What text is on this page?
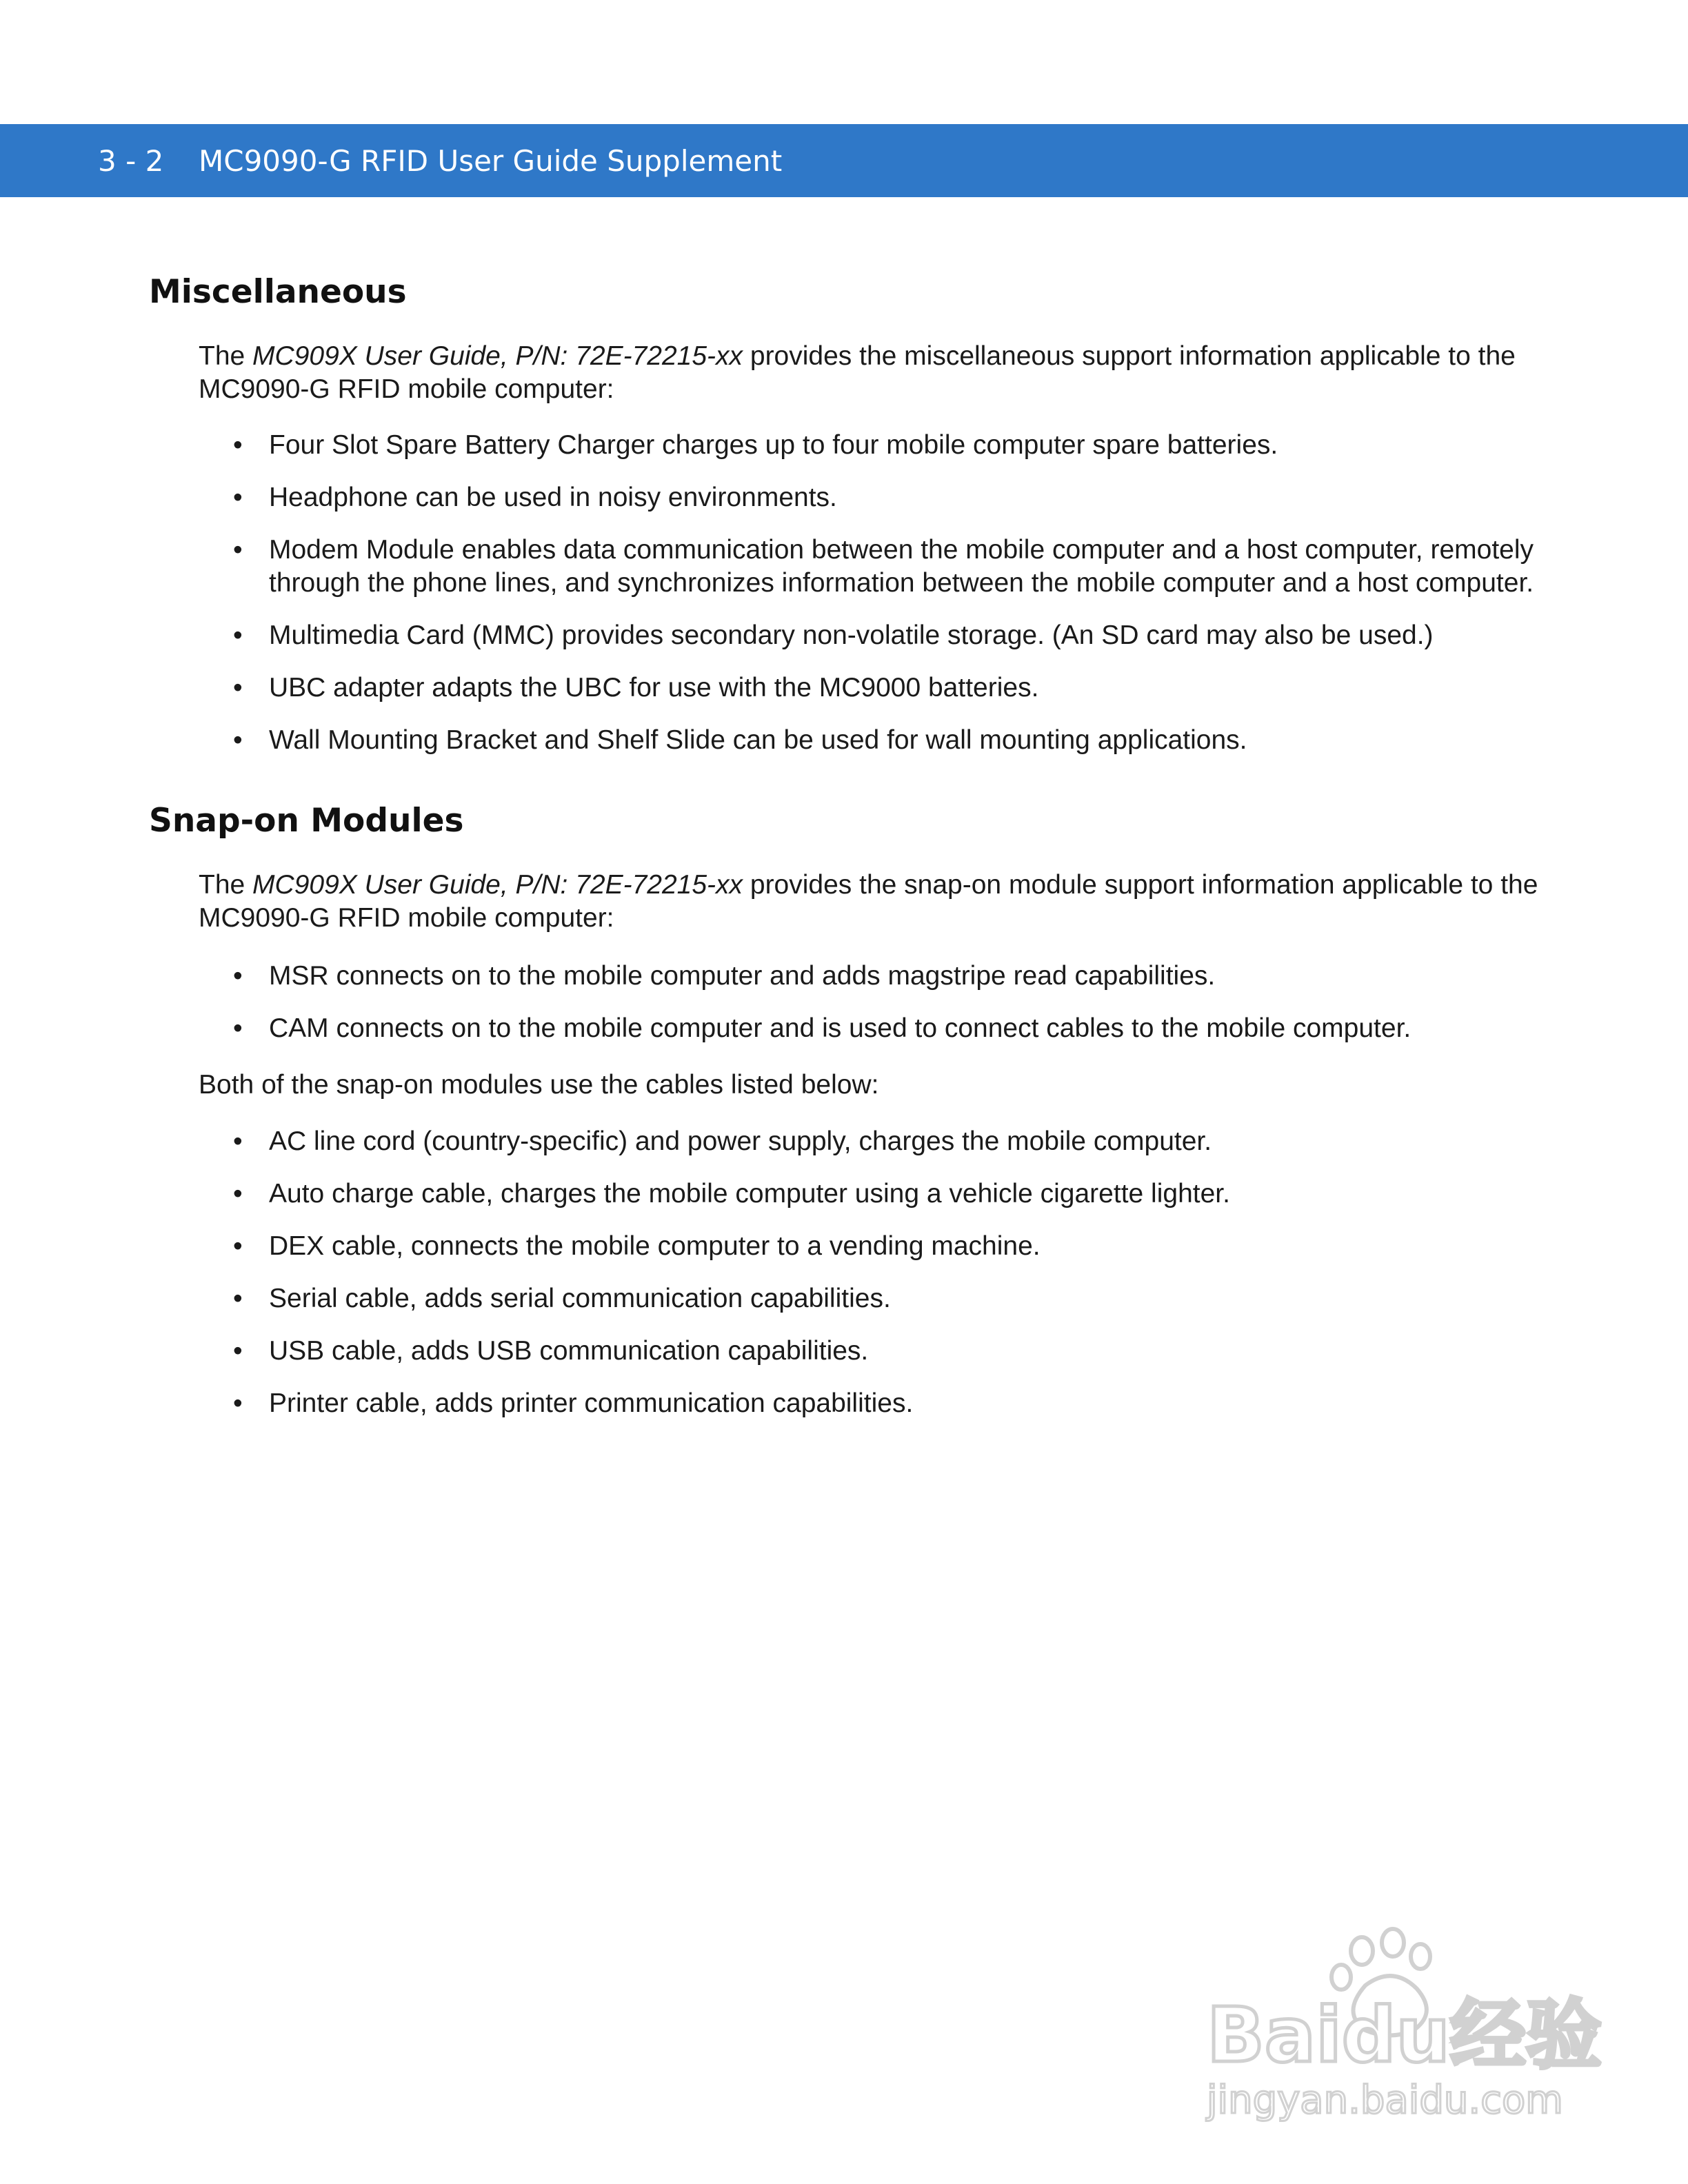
3 - 2 MC9090-G RFID User Guide Supplement
Miscellaneous

The MC909X User Guide, P/N: 72E-72215-xx provides the miscellaneous support information applicable to the MC9090-G RFID mobile computer:

• Four Slot Spare Battery Charger charges up to four mobile computer spare batteries.
• Headphone can be used in noisy environments.
• Modem Module enables data communication between the mobile computer and a host computer, remotely through the phone lines, and synchronizes information between the mobile computer and a host computer.
• Multimedia Card (MMC) provides secondary non-volatile storage. (An SD card may also be used.)
• UBC adapter adapts the UBC for use with the MC9000 batteries.
• Wall Mounting Bracket and Shelf Slide can be used for wall mounting applications.
Snap-on Modules

The MC909X User Guide, P/N: 72E-72215-xx provides the snap-on module support information applicable to the MC9090-G RFID mobile computer:

• MSR connects on to the mobile computer and adds magstripe read capabilities.
• CAM connects on to the mobile computer and is used to connect cables to the mobile computer.

Both of the snap-on modules use the cables listed below:

• AC line cord (country-specific) and power supply, charges the mobile computer.
• Auto charge cable, charges the mobile computer using a vehicle cigarette lighter.
• DEX cable, connects the mobile computer to a vending machine.
• Serial cable, adds serial communication capabilities.
• USB cable, adds USB communication capabilities.
• Printer cable, adds printer communication capabilities.
Baidu经验
jingyan.baidu.com
